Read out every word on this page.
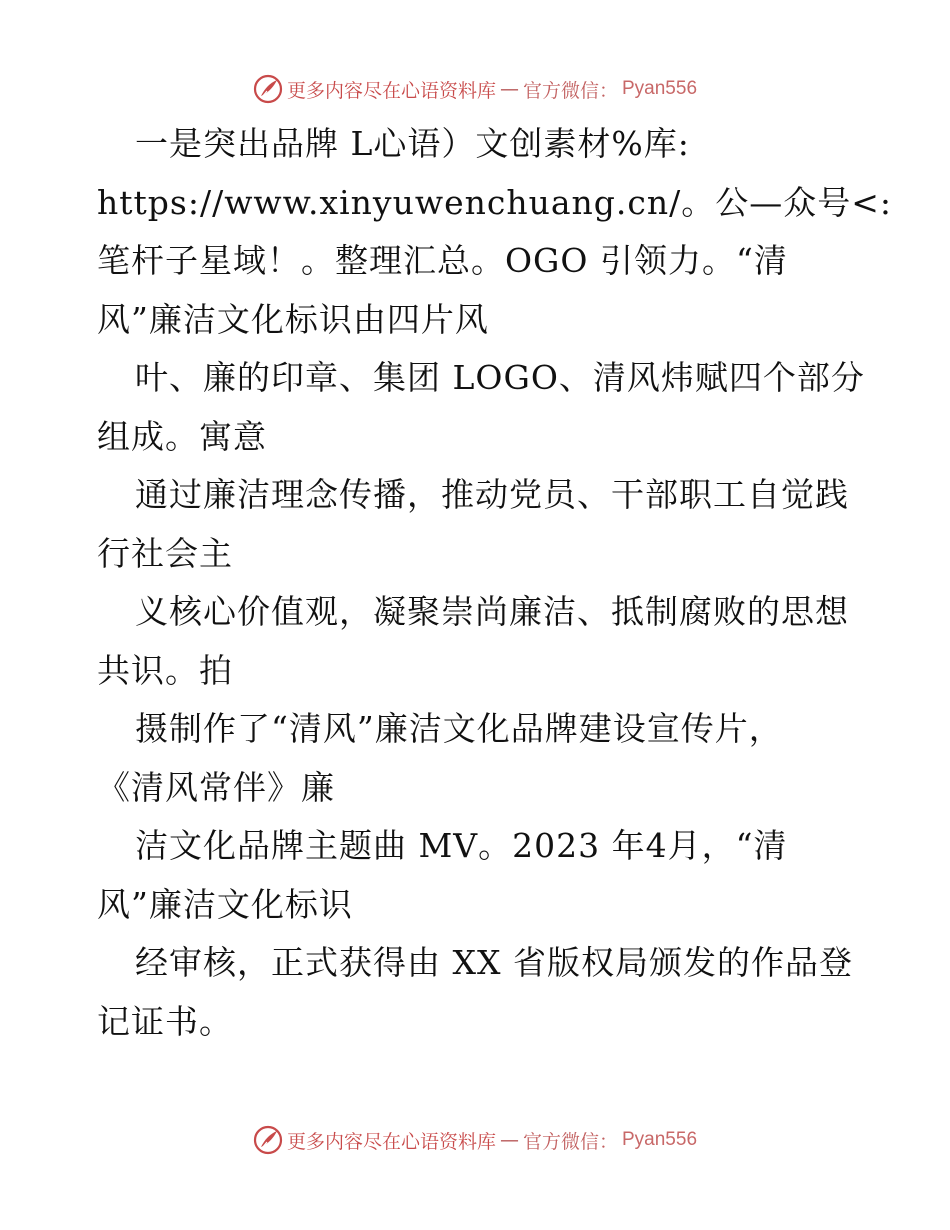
更多内容尽在心语资料库 — 官方微信： Pyan556
一是突出品牌 L心语）文创素材%库:
https://www.xinyuwenchuang.cn/。公—众号<:
笔杆子星域！。整理汇总。OGO 引领力。“清
风”廉洁文化标识由四片风
叶、廉的印章、集团 LOGO、清风炜赋四个部分
组成。寓意
通过廉洁理念传播，推动党员、干部职工自觉践
行社会主
义核心价值观，凝聚崇尚廉洁、抵制腐败的思想
共识。拍
摄制作了“清风”廉洁文化品牌建设宣传片，
《清风常伴》廉
洁文化品牌主题曲 MV。2023 年4月，“清
风”廉洁文化标识
经审核，正式获得由 XX 省版权局颁发的作品登
记证书。
更多内容尽在心语资料库 — 官方微信： Pyan556
